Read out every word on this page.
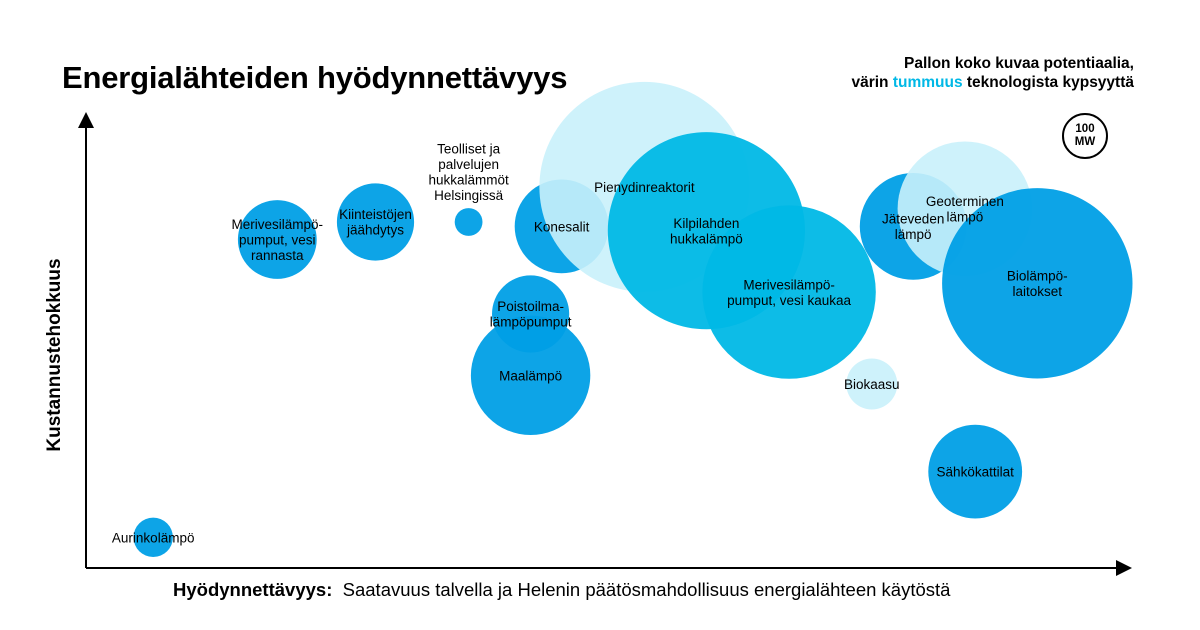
Energialähteiden hyödynnettävyys	Pallon koko kuvaa potentiaalia,
värin tummuus teknologista kypsyyttä
100
MW
Aurinkolämpö
Merivesilämpö-pumput, vesi rannasta
Kiinteistöjen jäähdytys
Teolliset ja palvelujen hukkalämmöt Helsingissä
Konesalit
Poistoilma-lämpöpumput
Maalämpö
Pienydinreaktorit
Kilpilahden hukkalämpö
Merivesilämpö-pumput, vesi kaukaa
Jäteveden lämpö
Geoterminen lämpö
Biolämpö-laitokset
Biokaasu
Sähkökattilat
Kustannustehokkuus
Hyödynnettävyys: Saatavuus talvella ja Helenin päätösmahdollisuus energialähteen käytöstä
